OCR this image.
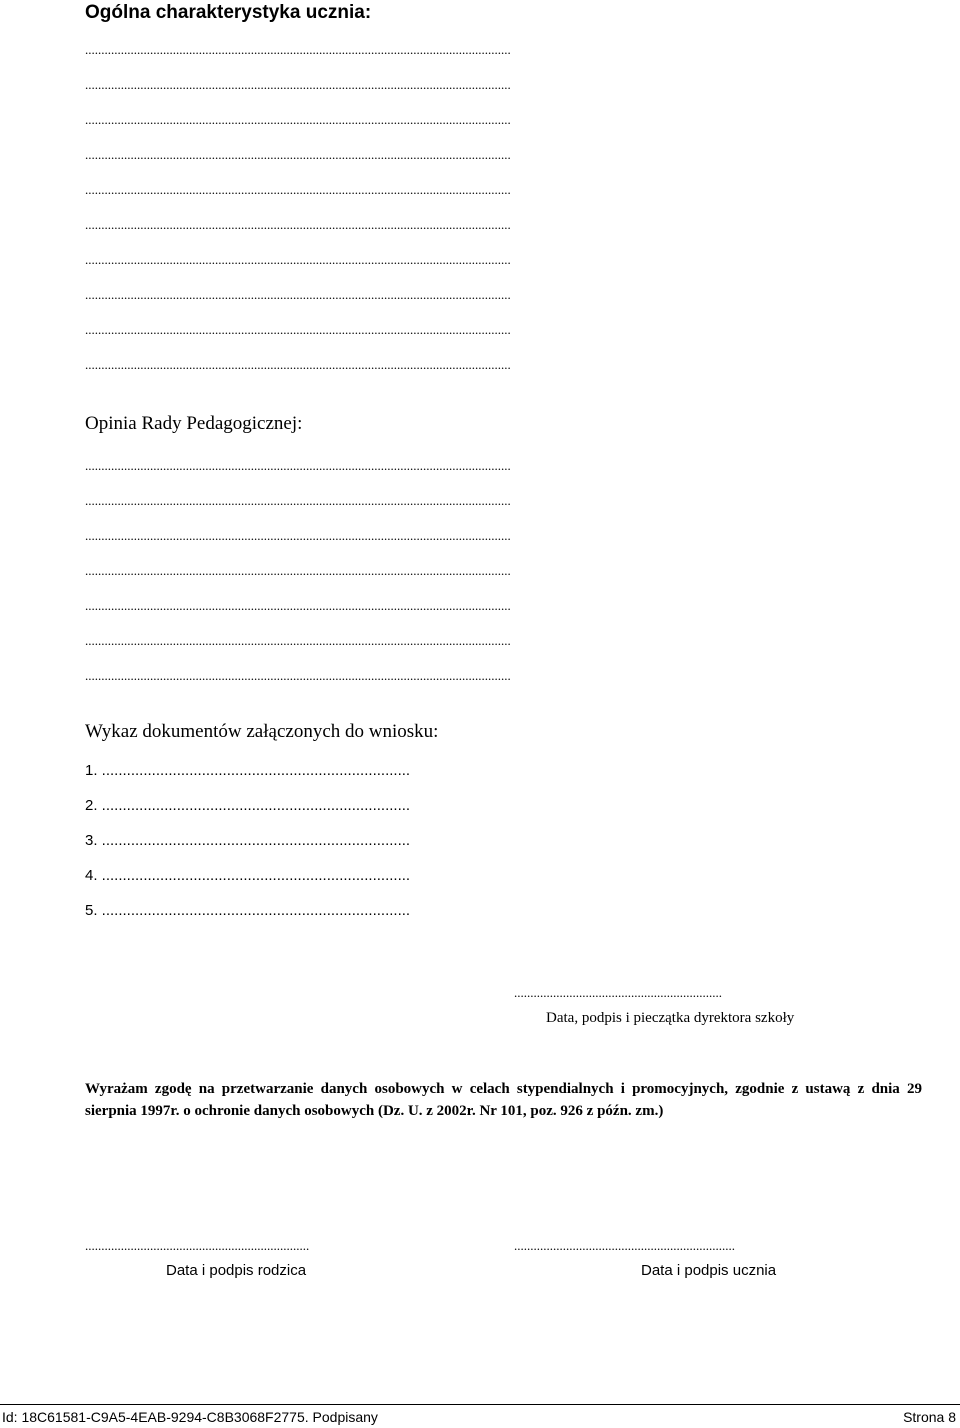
Ogólna charakterystyka ucznia:
...................................................................................................................................
...................................................................................................................................
...................................................................................................................................
...................................................................................................................................
...................................................................................................................................
...................................................................................................................................
...................................................................................................................................
...................................................................................................................................
...................................................................................................................................
...................................................................................................................................
Opinia Rady Pedagogicznej:
...................................................................................................................................
...................................................................................................................................
...................................................................................................................................
...................................................................................................................................
...................................................................................................................................
...................................................................................................................................
...................................................................................................................................
Wykaz dokumentów załączonych do wniosku:
1. ..........................................................................
2. ..........................................................................
3. ..........................................................................
4. ..........................................................................
5. ..........................................................................
................................................................
Data, podpis i pieczątka dyrektora szkoły
Wyrażam zgodę na przetwarzanie danych osobowych w celach stypendialnych i promocyjnych, zgodnie z ustawą z dnia 29 sierpnia 1997r. o ochronie danych osobowych (Dz. U. z 2002r. Nr 101, poz. 926 z późn. zm.)
.....................................................................
Data i podpis rodzica
....................................................................
Data i podpis ucznia
Id: 18C61581-C9A5-4EAB-9294-C8B3068F2775. Podpisany	Strona 8
